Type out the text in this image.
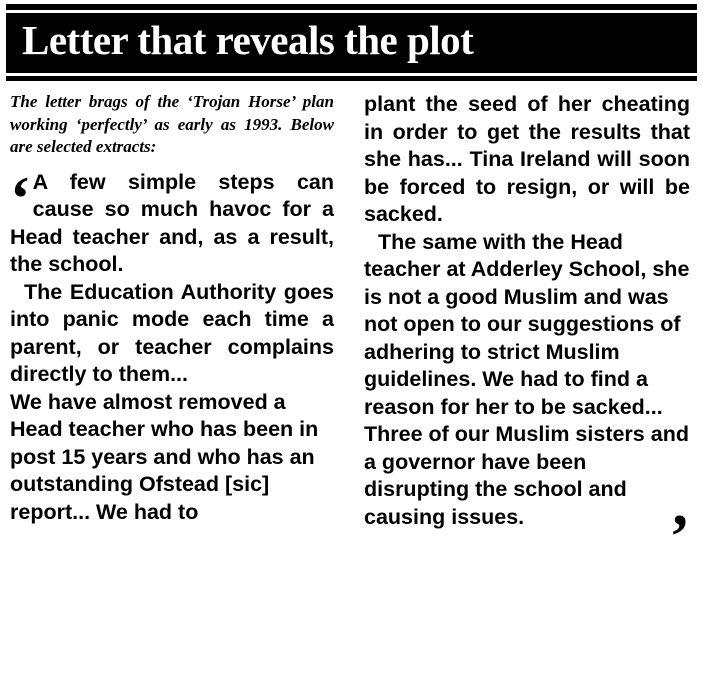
Letter that reveals the plot
The letter brags of the ‘Trojan Horse’ plan working ‘perfectly’ as early as 1993. Below are selected extracts:

‘ A few simple steps can cause so much havoc for a Head teacher and, as a result, the school.

The Education Authority goes into panic mode each time a parent, or teacher complains directly to them...

We have almost removed a Head teacher who has been in post 15 years and who has an outstanding Ofstead [sic] report... We had to

plant the seed of her cheating in order to get the results that she has... Tina Ireland will soon be forced to resign, or will be sacked.

The same with the Head teacher at Adderley School, she is not a good Muslim and was not open to our suggestions of adhering to strict Muslim guidelines. We had to find a reason for her to be sacked... Three of our Muslim sisters and a governor have been disrupting the school and causing issues.	’
